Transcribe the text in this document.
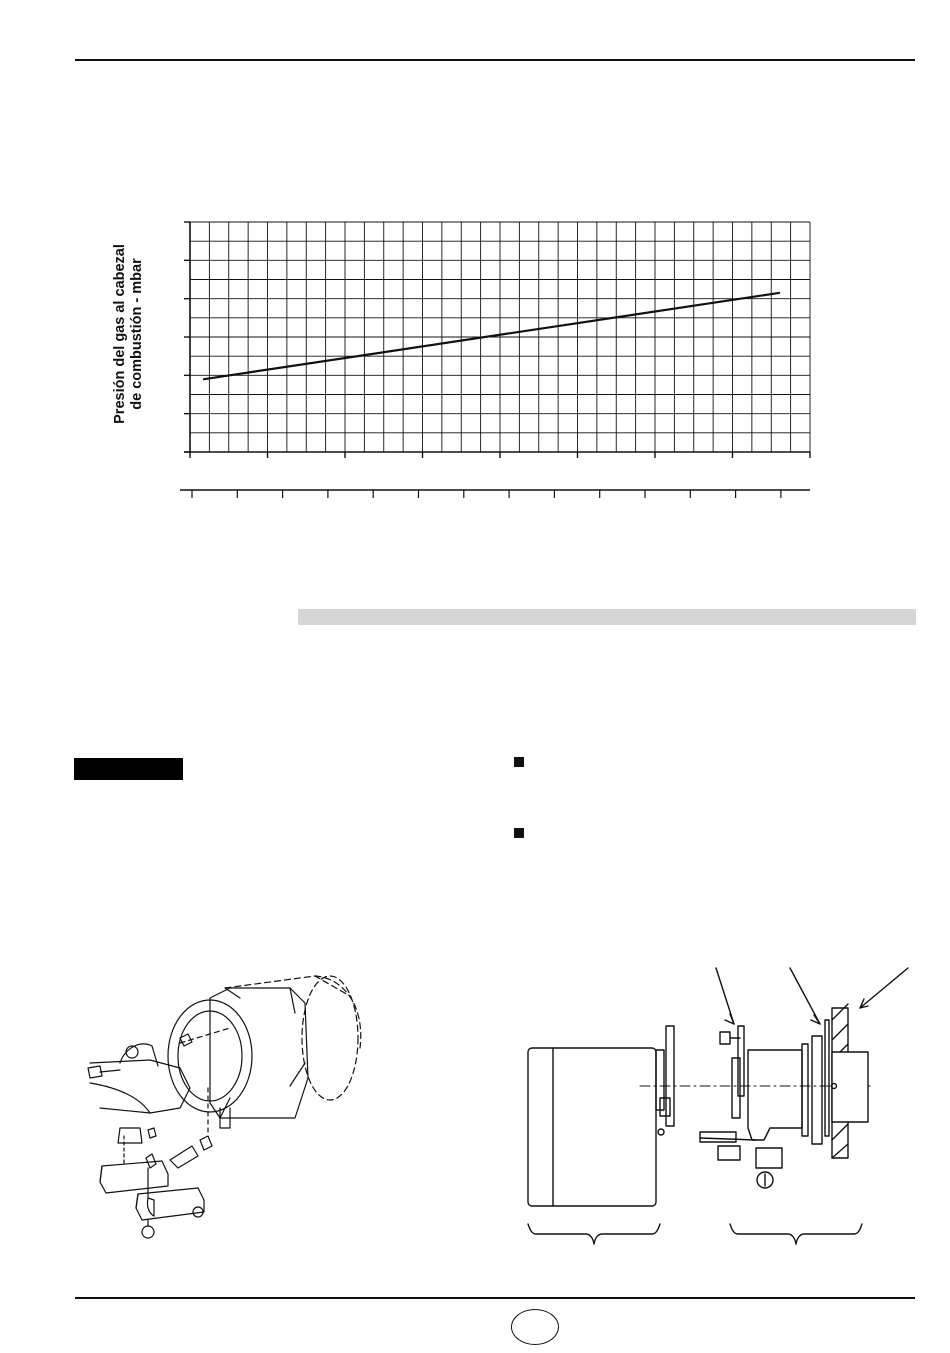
Presión del gas al cabezal de combustión - mbar
